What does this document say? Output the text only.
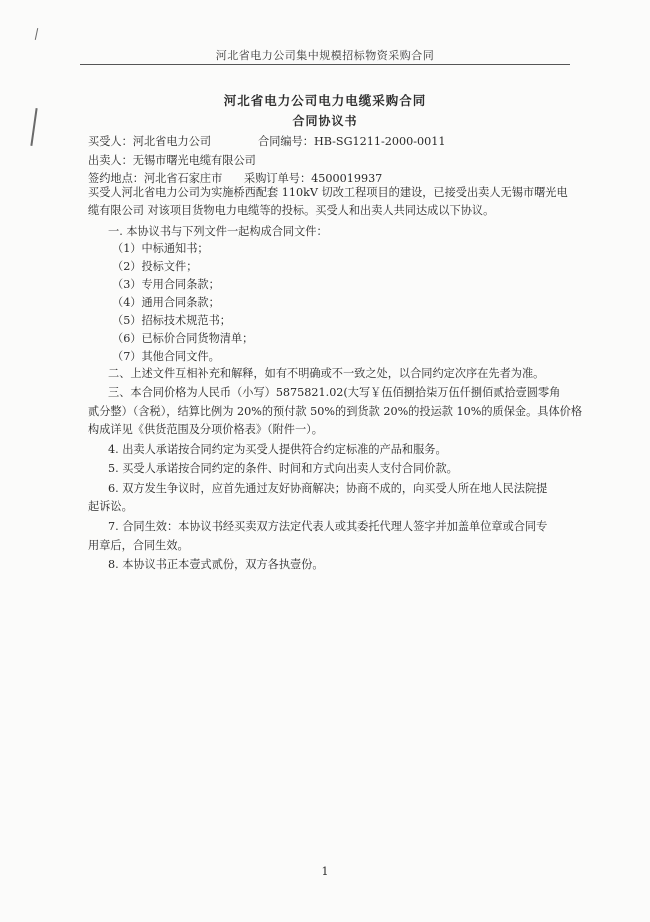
河北省电力公司集中规模招标物资采购合同
河北省电力公司电力电缆采购合同
合同协议书
买受人：河北省电力公司	合同编号：HB-SG1211-2000-0011
出卖人：无锡市曙光电缆有限公司
签约地点：河北省石家庄市 采购订单号：4500019937
买受人河北省电力公司为实施桥西配套 110kV 切改工程项目的建设，已接受出卖人无锡市曙光电
缆有限公司 对该项目货物电力电缆等的投标。买受人和出卖人共同达成以下协议。
一. 本协议书与下列文件一起构成合同文件：
（1）中标通知书；
（2）投标文件；
（3）专用合同条款；
（4）通用合同条款；
（5）招标技术规范书；
（6）已标价合同货物清单；
（7）其他合同文件。
二、上述文件互相补充和解释，如有不明确或不一致之处，以合同约定次序在先者为准。
三、本合同价格为人民币（小写）5875821.02(大写￥伍佰捌拾柒万伍仟捌佰贰拾壹圆零角
贰分整）（含税），结算比例为 20%的预付款 50%的到货款 20%的投运款 10%的质保金。具体价格
构成详见《供货范围及分项价格表》（附件一）。
4. 出卖人承诺按合同约定为买受人提供符合约定标准的产品和服务。
5. 买受人承诺按合同约定的条件、时间和方式向出卖人支付合同价款。
6. 双方发生争议时，应首先通过友好协商解决；协商不成的，向买受人所在地人民法院提
起诉讼。
7. 合同生效：本协议书经买卖双方法定代表人或其委托代理人签字并加盖单位章或合同专
用章后，合同生效。
8. 本协议书正本壹式贰份，双方各执壹份。
1
